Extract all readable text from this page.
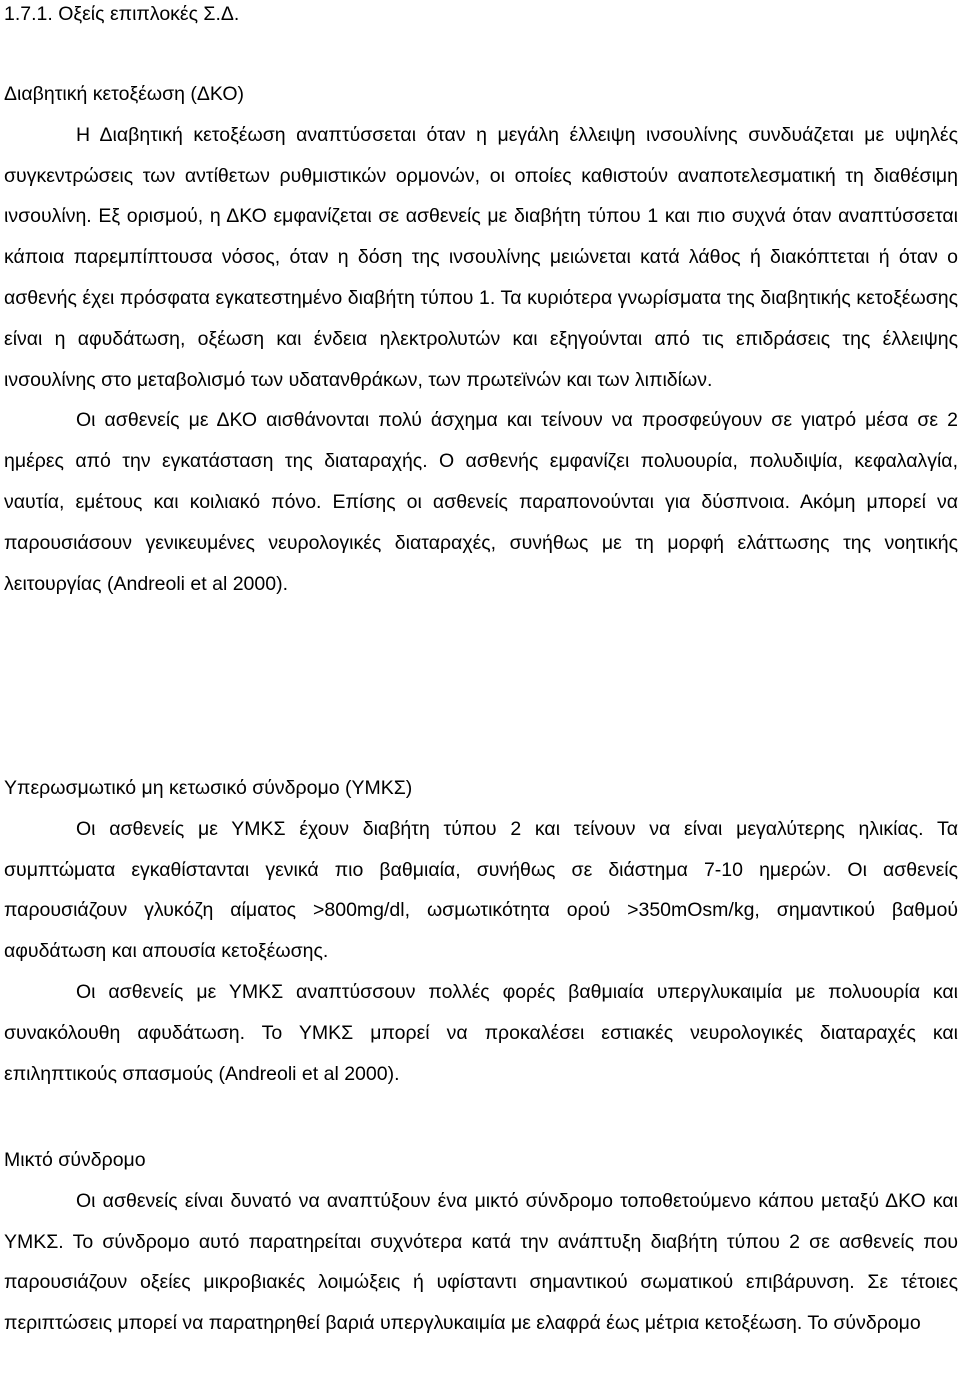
1.7.1. Οξείς επιπλοκές Σ.Δ.

Διαβητική κετοξέωση (ΔΚΟ)

Η Διαβητική κετοξέωση αναπτύσσεται όταν η μεγάλη έλλειψη ινσουλίνης συνδυάζεται με υψηλές συγκεντρώσεις των αντίθετων ρυθμιστικών ορμονών, οι οποίες καθιστούν αναποτελεσματική τη διαθέσιμη ινσουλίνη. Εξ ορισμού, η ΔΚΟ εμφανίζεται σε ασθενείς με διαβήτη τύπου 1 και πιο συχνά όταν αναπτύσσεται κάποια παρεμπίπτουσα νόσος, όταν η δόση της ινσουλίνης μειώνεται κατά λάθος ή διακόπτεται ή όταν ο ασθενής έχει πρόσφατα εγκατεστημένο διαβήτη τύπου 1. Τα κυριότερα γνωρίσματα της διαβητικής κετοξέωσης είναι η αφυδάτωση, οξέωση και ένδεια ηλεκτρολυτών και εξηγούνται από τις επιδράσεις της έλλειψης ινσουλίνης στο μεταβολισμό των υδατανθράκων, των πρωτεϊνών και των λιπιδίων.

Οι ασθενείς με ΔΚΟ αισθάνονται πολύ άσχημα και τείνουν να προσφεύγουν σε γιατρό μέσα σε 2 ημέρες από την εγκατάσταση της διαταραχής. Ο ασθενής εμφανίζει πολυουρία, πολυδιψία, κεφαλαλγία, ναυτία, εμέτους και κοιλιακό πόνο. Επίσης οι ασθενείς παραπονούνται για δύσπνοια. Ακόμη μπορεί να παρουσιάσουν γενικευμένες νευρολογικές διαταραχές, συνήθως με τη μορφή ελάττωσης της νοητικής λειτουργίας (Andreoli et al 2000).

Υπερωσμωτικό μη κετωσικό σύνδρομο (ΥΜΚΣ)

Οι ασθενείς με ΥΜΚΣ έχουν διαβήτη τύπου 2 και τείνουν να είναι μεγαλύτερης ηλικίας. Τα συμπτώματα εγκαθίστανται γενικά πιο βαθμιαία, συνήθως σε διάστημα 7-10 ημερών. Οι ασθενείς παρουσιάζουν γλυκόζη αίματος >800mg/dl, ωσμωτικότητα ορού >350mOsm/kg, σημαντικού βαθμού αφυδάτωση και απουσία κετοξέωσης.

Οι ασθενείς με ΥΜΚΣ αναπτύσσουν πολλές φορές βαθμιαία υπεργλυκαιμία με πολυουρία και συνακόλουθη αφυδάτωση. Το ΥΜΚΣ μπορεί να προκαλέσει εστιακές νευρολογικές διαταραχές και επιληπτικούς σπασμούς (Andreoli et al 2000).

Μικτό σύνδρομο

Οι ασθενείς είναι δυνατό να αναπτύξουν ένα μικτό σύνδρομο τοποθετούμενο κάπου μεταξύ ΔΚΟ και ΥΜΚΣ. Το σύνδρομο αυτό παρατηρείται συχνότερα κατά την ανάπτυξη διαβήτη τύπου 2 σε ασθενείς που παρουσιάζουν οξείες μικροβιακές λοιμώξεις ή υφίσταντι σημαντικού σωματικού επιβάρυνση. Σε τέτοιες περιπτώσεις μπορεί να παρατηρηθεί βαριά υπεργλυκαιμία με ελαφρά έως μέτρια κετοξέωση. Το σύνδρομο
